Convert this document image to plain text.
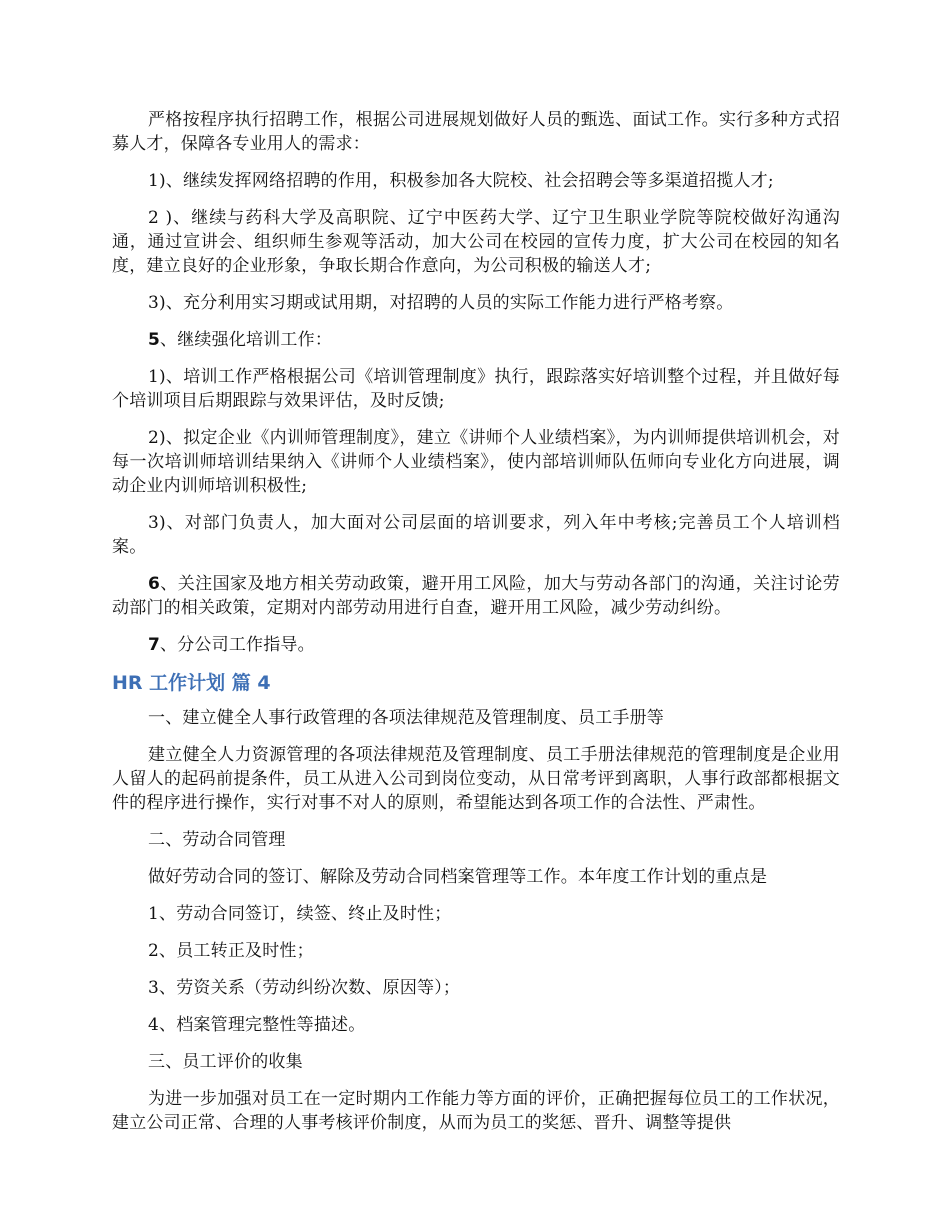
严格按程序执行招聘工作，根据公司进展规划做好人员的甄选、面试工作。实行多种方式招募人才，保障各专业用人的需求：

1)、继续发挥网络招聘的作用，积极参加各大院校、社会招聘会等多渠道招揽人才;

2 )、继续与药科大学及高职院、辽宁中医药大学、辽宁卫生职业学院等院校做好沟通沟通，通过宣讲会、组织师生参观等活动，加大公司在校园的宣传力度，扩大公司在校园的知名度，建立良好的企业形象，争取长期合作意向，为公司积极的输送人才;

3)、充分利用实习期或试用期，对招聘的人员的实际工作能力进行严格考察。

5、继续强化培训工作：

1)、培训工作严格根据公司《培训管理制度》执行，跟踪落实好培训整个过程，并且做好每个培训项目后期跟踪与效果评估，及时反馈;

2)、拟定企业《内训师管理制度》，建立《讲师个人业绩档案》，为内训师提供培训机会，对每一次培训师培训结果纳入《讲师个人业绩档案》，使内部培训师队伍师向专业化方向进展，调动企业内训师培训积极性;

3)、对部门负责人，加大面对公司层面的培训要求，列入年中考核;完善员工个人培训档案。

6、关注国家及地方相关劳动政策，避开用工风险，加大与劳动各部门的沟通，关注讨论劳动部门的相关政策，定期对内部劳动用进行自查，避开用工风险，减少劳动纠纷。

7、分公司工作指导。

HR 工作计划 篇 4

一、建立健全人事行政管理的各项法律规范及管理制度、员工手册等

建立健全人力资源管理的各项法律规范及管理制度、员工手册法律规范的管理制度是企业用人留人的起码前提条件，员工从进入公司到岗位变动，从日常考评到离职，人事行政部都根据文件的程序进行操作，实行对事不对人的原则，希望能达到各项工作的合法性、严肃性。

二、劳动合同管理

做好劳动合同的签订、解除及劳动合同档案管理等工作。本年度工作计划的重点是

1、劳动合同签订，续签、终止及时性；

2、员工转正及时性；

3、劳资关系（劳动纠纷次数、原因等）；

4、档案管理完整性等描述。

三、员工评价的收集

为进一步加强对员工在一定时期内工作能力等方面的评价，正确把握每位员工的工作状况，建立公司正常、合理的人事考核评价制度，从而为员工的奖惩、晋升、调整等提供
